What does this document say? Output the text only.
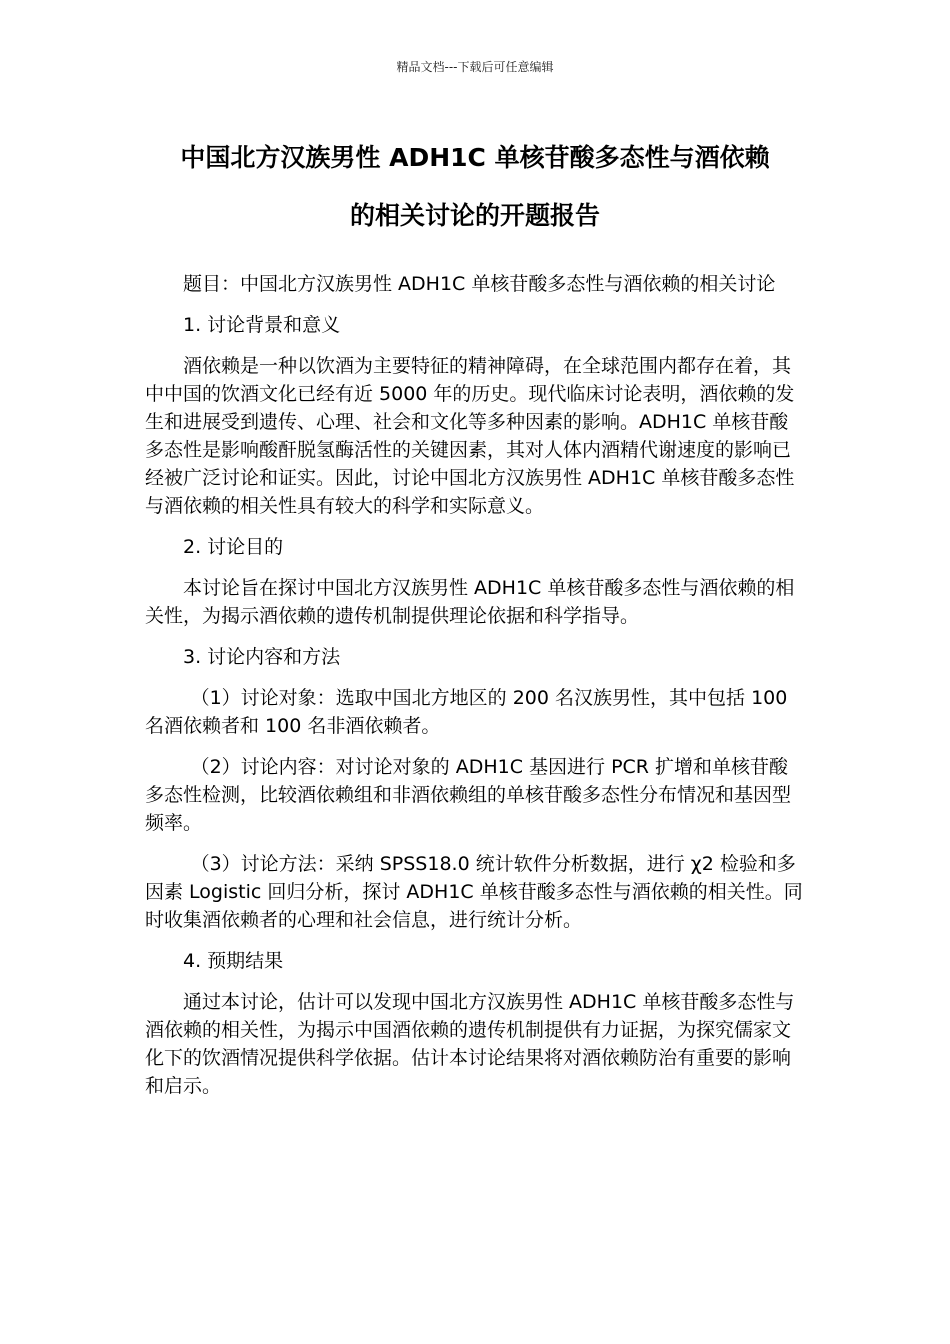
精品文档---下载后可任意编辑
中国北方汉族男性 ADH1C 单核苷酸多态性与酒依赖
的相关讨论的开题报告

题目：中国北方汉族男性 ADH1C 单核苷酸多态性与酒依赖的相关讨论

1. 讨论背景和意义

酒依赖是一种以饮酒为主要特征的精神障碍，在全球范围内都存在着，其中中国的饮酒文化已经有近 5000 年的历史。现代临床讨论表明，酒依赖的发生和进展受到遗传、心理、社会和文化等多种因素的影响。ADH1C 单核苷酸多态性是影响酸酐脱氢酶活性的关键因素，其对人体内酒精代谢速度的影响已经被广泛讨论和证实。因此，讨论中国北方汉族男性 ADH1C 单核苷酸多态性与酒依赖的相关性具有较大的科学和实际意义。

2. 讨论目的

本讨论旨在探讨中国北方汉族男性 ADH1C 单核苷酸多态性与酒依赖的相关性，为揭示酒依赖的遗传机制提供理论依据和科学指导。

3. 讨论内容和方法

（1）讨论对象：选取中国北方地区的 200 名汉族男性，其中包括 100 名酒依赖者和 100 名非酒依赖者。

（2）讨论内容：对讨论对象的 ADH1C 基因进行 PCR 扩增和单核苷酸多态性检测，比较酒依赖组和非酒依赖组的单核苷酸多态性分布情况和基因型频率。

（3）讨论方法：采纳 SPSS18.0 统计软件分析数据，进行 χ2 检验和多因素 Logistic 回归分析，探讨 ADH1C 单核苷酸多态性与酒依赖的相关性。同时收集酒依赖者的心理和社会信息，进行统计分析。

4. 预期结果

通过本讨论，估计可以发现中国北方汉族男性 ADH1C 单核苷酸多态性与酒依赖的相关性，为揭示中国酒依赖的遗传机制提供有力证据，为探究儒家文化下的饮酒情况提供科学依据。估计本讨论结果将对酒依赖防治有重要的影响和启示。
